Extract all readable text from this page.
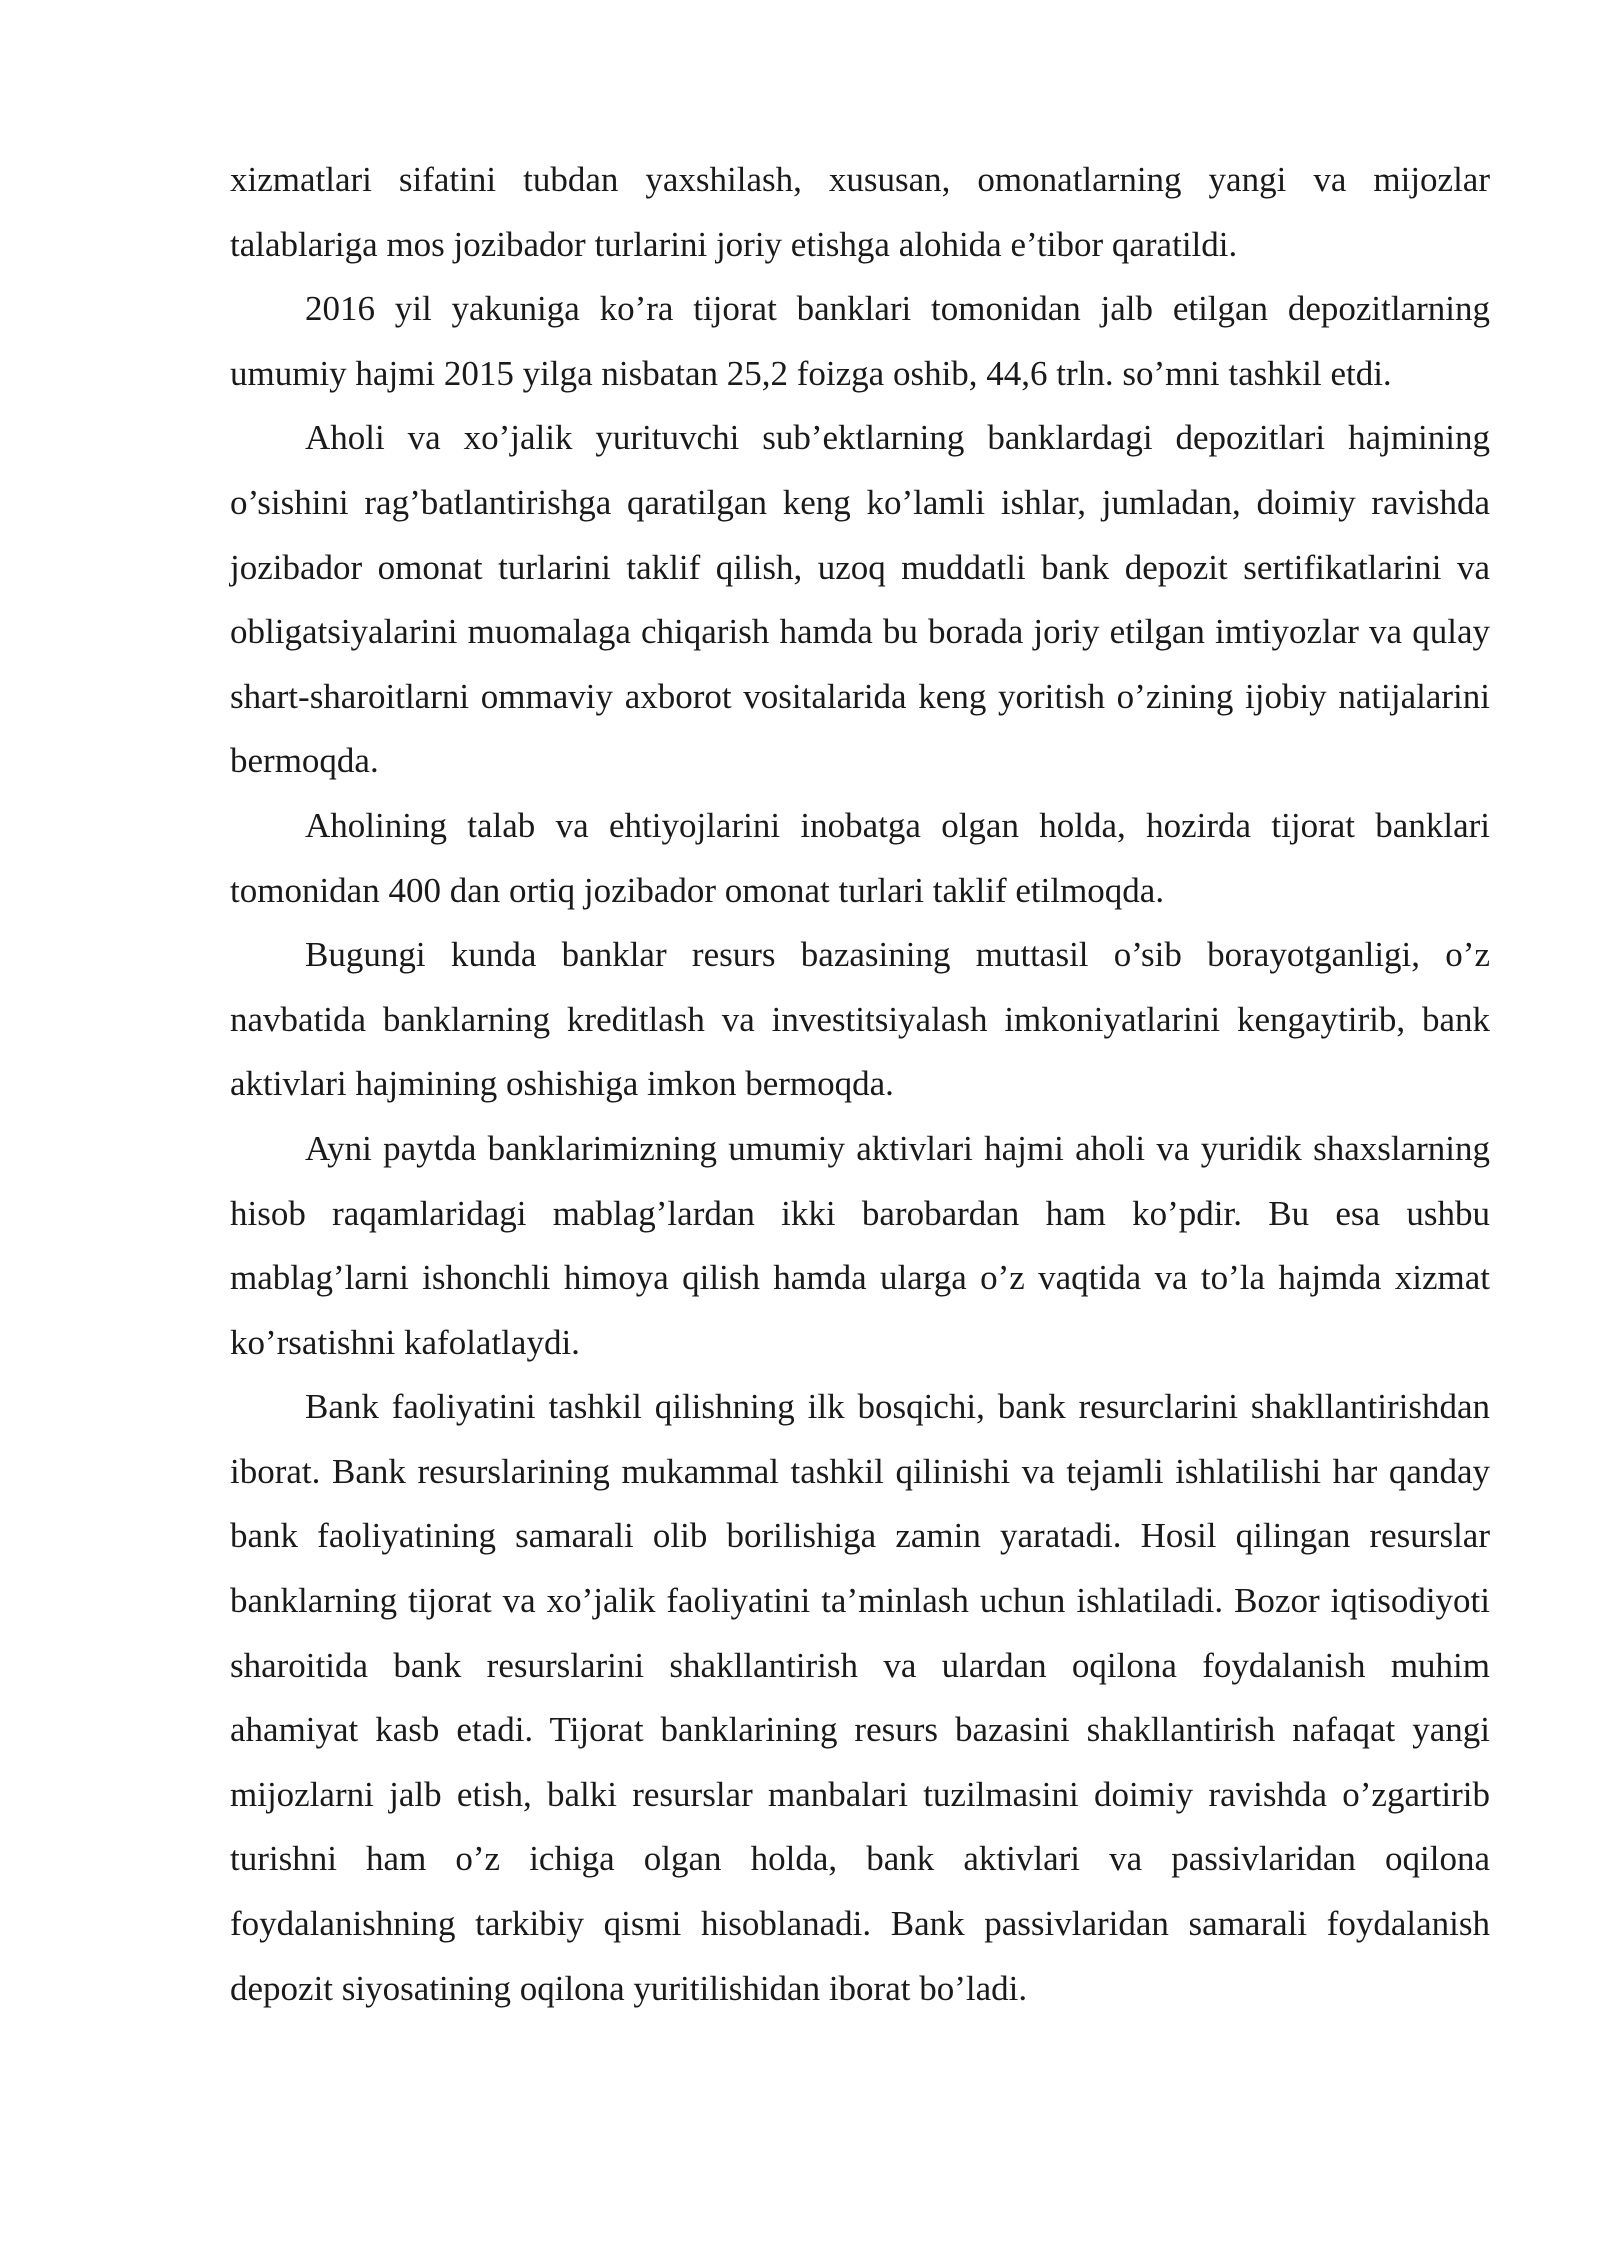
xizmatlari sifatini tubdan yaxshilash, xususan, omonatlarning yangi va mijozlar talablariga mos jozibador turlarini joriy etishga alohida e’tibor qaratildi.

2016 yil yakuniga ko’ra tijorat banklari tomonidan jalb etilgan depozitlarning umumiy hajmi 2015 yilga nisbatan 25,2 foizga oshib, 44,6 trln. so’mni tashkil etdi.

Aholi va xo’jalik yurituvchi sub’ektlarning banklardagi depozitlari hajmining o’sishini rag’batlantirishga qaratilgan keng ko’lamli ishlar, jumladan, doimiy ravishda jozibador omonat turlarini taklif qilish, uzoq muddatli bank depozit sertifikatlarini va obligatsiyalarini muomalaga chiqarish hamda bu borada joriy etilgan imtiyozlar va qulay shart-sharoitlarni ommaviy axborot vositalarida keng yoritish o’zining ijobiy natijalarini bermoqda.

Aholining talab va ehtiyojlarini inobatga olgan holda, hozirda tijorat banklari tomonidan 400 dan ortiq jozibador omonat turlari taklif etilmoqda.

Bugungi kunda banklar resurs bazasining muttasil o’sib borayotganligi, o’z navbatida banklarning kreditlash va investitsiyalash imkoniyatlarini kengaytirib, bank aktivlari hajmining oshishiga imkon bermoqda.

Ayni paytda banklarimizning umumiy aktivlari hajmi aholi va yuridik shaxslarning hisob raqamlaridagi mablag’lardan ikki barobardan ham ko’pdir. Bu esa ushbu mablag’larni ishonchli himoya qilish hamda ularga o’z vaqtida va to’la hajmda xizmat ko’rsatishni kafolatlaydi.

Bank faoliyatini tashkil qilishning ilk bosqichi, bank resurclarini shakllantirishdan iborat. Bank resurslarining mukammal tashkil qilinishi va tejamli ishlatilishi har qanday bank faoliyatining samarali olib borilishiga zamin yaratadi. Hosil qilingan resurslar banklarning tijorat va xo’jalik faoliyatini ta’minlash uchun ishlatiladi. Bozor iqtisodiyoti sharoitida bank resurslarini shakllantirish va ulardan oqilona foydalanish muhim ahamiyat kasb etadi. Tijorat banklarining resurs bazasini shakllantirish nafaqat yangi mijozlarni jalb etish, balki resurslar manbalari tuzilmasini doimiy ravishda o’zgartirib turishni ham o’z ichiga olgan holda, bank aktivlari va passivlaridan oqilona foydalanishning tarkibiy qismi hisoblanadi. Bank passivlaridan samarali foydalanish depozit siyosatining oqilona yuritilishidan iborat bo’ladi.
